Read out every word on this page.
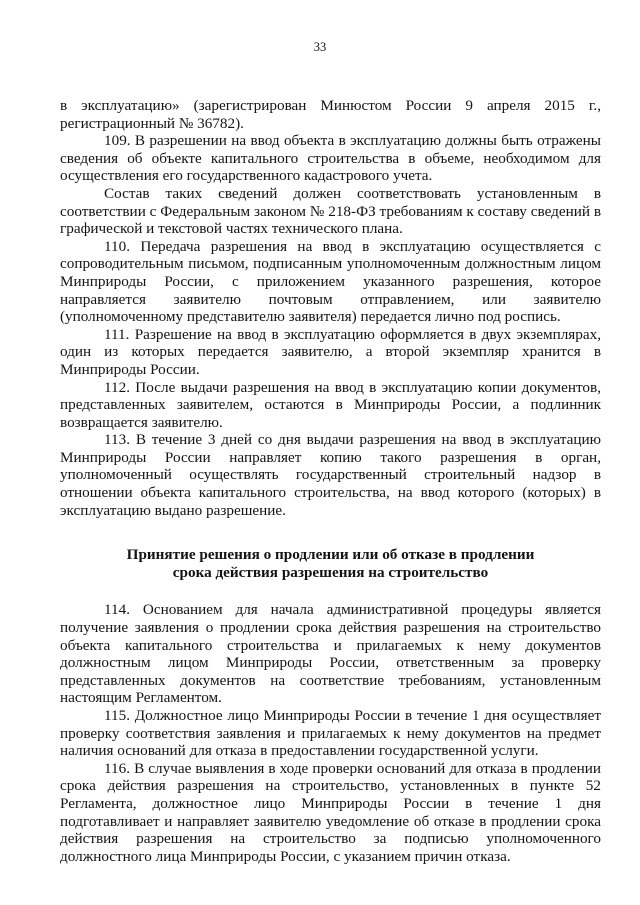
33

в эксплуатацию» (зарегистрирован Минюстом России 9 апреля 2015 г., регистрационный № 36782).

109. В разрешении на ввод объекта в эксплуатацию должны быть отражены сведения об объекте капитального строительства в объеме, необходимом для осуществления его государственного кадастрового учета.

Состав таких сведений должен соответствовать установленным в соответствии с Федеральным законом № 218-ФЗ требованиям к составу сведений в графической и текстовой частях технического плана.

110. Передача разрешения на ввод в эксплуатацию осуществляется с сопроводительным письмом, подписанным уполномоченным должностным лицом Минприроды России, с приложением указанного разрешения, которое направляется заявителю почтовым отправлением, или заявителю (уполномоченному представителю заявителя) передается лично под роспись.

111. Разрешение на ввод в эксплуатацию оформляется в двух экземплярах, один из которых передается заявителю, а второй экземпляр хранится в Минприроды России.

112. После выдачи разрешения на ввод в эксплуатацию копии документов, представленных заявителем, остаются в Минприроды России, а подлинник возвращается заявителю.

113. В течение 3 дней со дня выдачи разрешения на ввод в эксплуатацию Минприроды России направляет копию такого разрешения в орган, уполномоченный осуществлять государственный строительный надзор в отношении объекта капитального строительства, на ввод которого (которых) в эксплуатацию выдано разрешение.

Принятие решения о продлении или об отказе в продлении
срока действия разрешения на строительство

114. Основанием для начала административной процедуры является получение заявления о продлении срока действия разрешения на строительство объекта капитального строительства и прилагаемых к нему документов должностным лицом Минприроды России, ответственным за проверку представленных документов на соответствие требованиям, установленным настоящим Регламентом.

115. Должностное лицо Минприроды России в течение 1 дня осуществляет проверку соответствия заявления и прилагаемых к нему документов на предмет наличия оснований для отказа в предоставлении государственной услуги.

116. В случае выявления в ходе проверки оснований для отказа в продлении срока действия разрешения на строительство, установленных в пункте 52 Регламента, должностное лицо Минприроды России в течение 1 дня подготавливает и направляет заявителю уведомление об отказе в продлении срока действия разрешения на строительство за подписью уполномоченного должностного лица Минприроды России, с указанием причин отказа.
